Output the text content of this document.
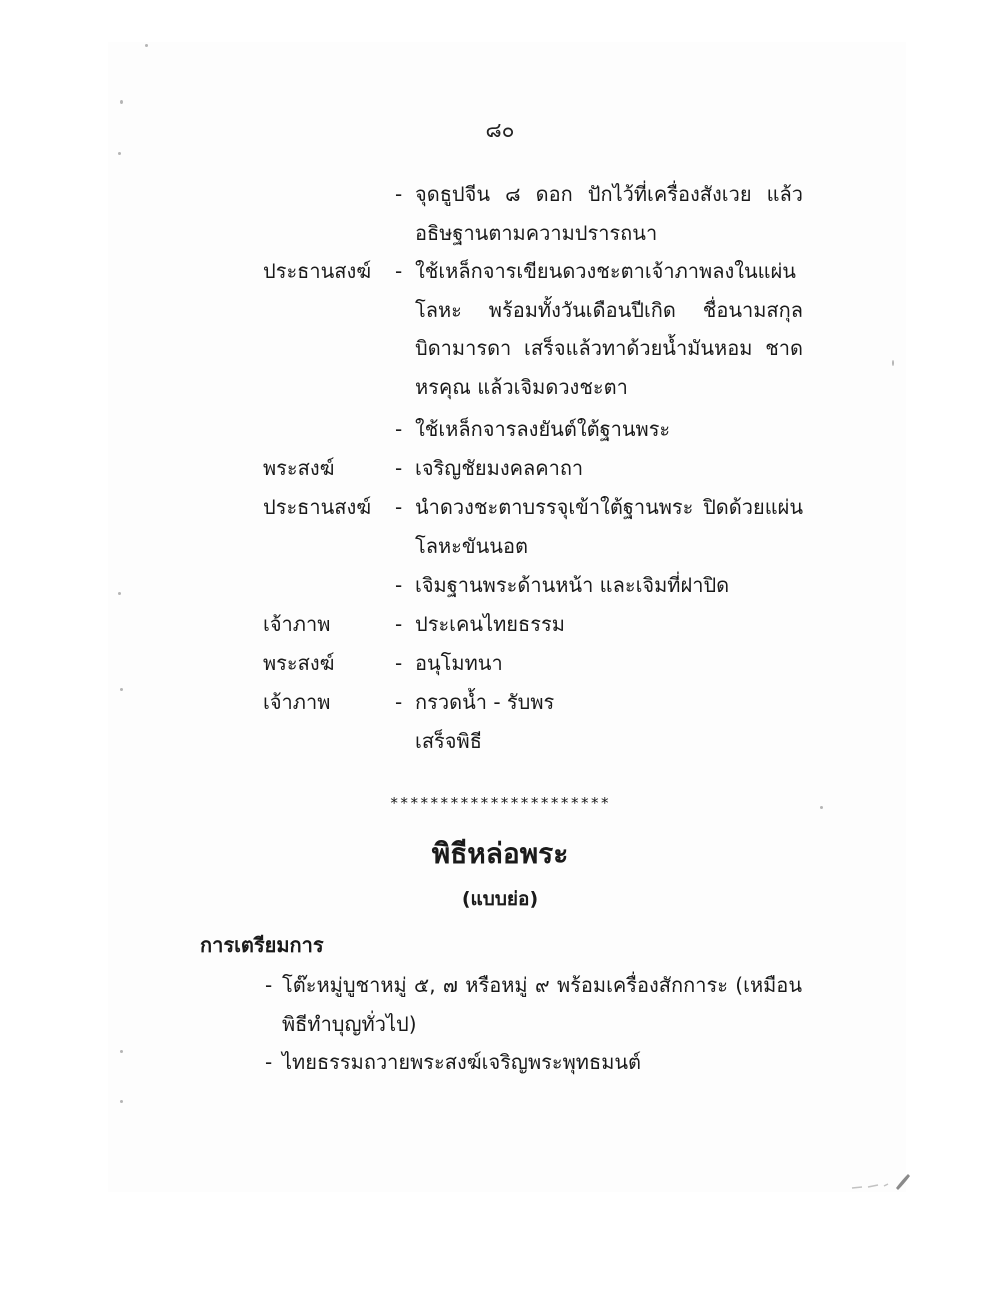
๘๐
- จุดธูปจีน ๘ ดอก ปักไว้ที่เครื่องสังเวย แล้วอธิษฐานตามความปรารถนา
ประธานสงฆ์ - ใช้เหล็กจารเขียนดวงชะตาเจ้าภาพลงในแผ่นโลหะ พร้อมทั้งวันเดือนปีเกิด ชื่อนามสกุล บิดามารดา เสร็จแล้วทาด้วยน้ำมันหอม ชาดหรคุณ แล้วเจิมดวงชะตา
- ใช้เหล็กจารลงยันต์ใต้ฐานพระ
พระสงฆ์	- เจริญชัยมงคลคาถา
ประธานสงฆ์ - นำดวงชะตาบรรจุเข้าใต้ฐานพระ ปิดด้วยแผ่นโลหะขันนอต
- เจิมฐานพระด้านหน้า และเจิมที่ฝาปิด
เจ้าภาพ	- ประเคนไทยธรรม
พระสงฆ์	- อนุโมทนา
เจ้าภาพ	- กรวดน้ำ - รับพร
เสร็จพิธี
**********************
พิธีหล่อพระ
(แบบย่อ)
การเตรียมการ
- โต๊ะหมู่บูชาหมู่ ๕, ๗ หรือหมู่ ๙ พร้อมเครื่องสักการะ (เหมือนพิธีทำบุญทั่วไป)
- ไทยธรรมถวายพระสงฆ์เจริญพระพุทธมนต์
